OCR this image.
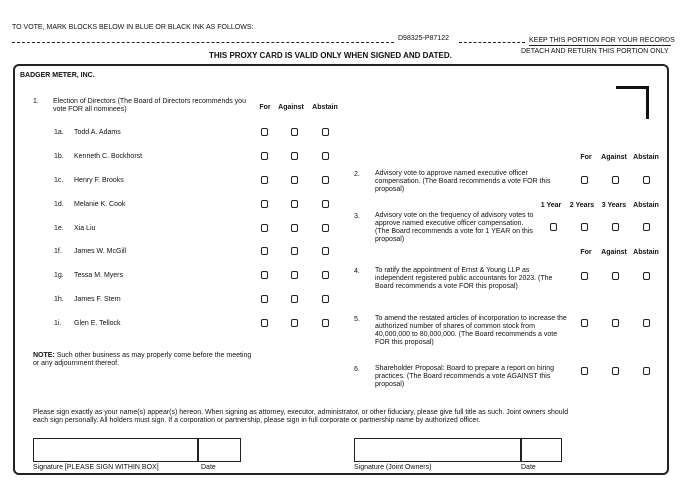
TO VOTE, MARK BLOCKS BELOW IN BLUE OR BLACK INK AS FOLLOWS:
D98325-P87122	KEEP THIS PORTION FOR YOUR RECORDS
DETACH AND RETURN THIS PORTION ONLY
THIS PROXY CARD IS VALID ONLY WHEN SIGNED AND DATED.
BADGER METER, INC.
1. Election of Directors (The Board of Directors recommends you vote FOR all nominees)	For	Against	Abstain
1a. Todd A. Adams
1b. Kenneth C. Bockhorst
1c. Henry F. Brooks
1d. Melanie K. Cook
1e. Xia Liu
1f. James W. McGill
1g. Tessa M. Myers
1h. James F. Stern
1i. Glen E. Tellock
NOTE: Such other business as may properly come before the meeting or any adjournment thereof.
For	Against Abstain
2. Advisory vote to approve named executive officer compensation. (The Board recommends a vote FOR this proposal)
1 Year	2 Years	3 Years Abstain
3. Advisory vote on the frequency of advisory votes to approve named executive officer compensation. (The Board recommends a vote for 1 YEAR on this proposal)
For	Against Abstain
4. To ratify the appointment of Ernst & Young LLP as independent registered public accountants for 2023. (The Board recommends a vote FOR this proposal)
5. To amend the restated articles of incorporation to increase the authorized number of shares of common stock from 40,000,000 to 80,000,000. (The Board recommends a vote FOR this proposal)
6. Shareholder Proposal: Board to prepare a report on hiring practices. (The Board recommends a vote AGAINST this proposal)
Please sign exactly as your name(s) appear(s) hereon. When signing as attorney, executor, administrator, or other fiduciary, please give full title as such. Joint owners should each sign personally. All holders must sign. If a corporation or partnership, please sign in full corporate or partnership name by authorized officer.
Signature [PLEASE SIGN WITHIN BOX]	Date	Signature (Joint Owners)	Date
